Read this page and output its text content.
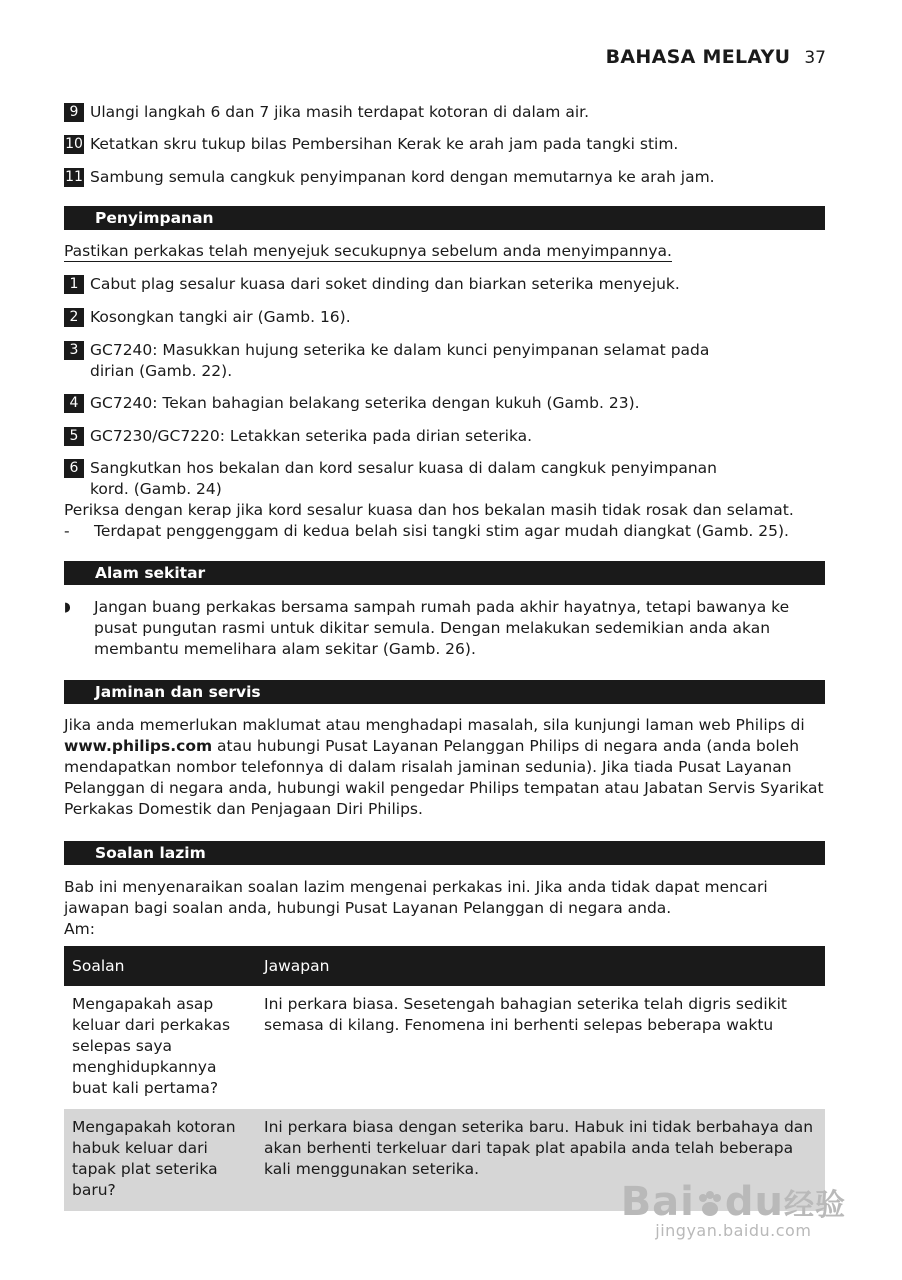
BAHASA MELAYU 37
9 Ulangi langkah 6 dan 7 jika masih terdapat kotoran di dalam air.
10 Ketatkan skru tukup bilas Pembersihan Kerak ke arah jam pada tangki stim.
11 Sambung semula cangkuk penyimpanan kord dengan memutarnya ke arah jam.
Penyimpanan
Pastikan perkakas telah menyejuk secukupnya sebelum anda menyimpannya.
1 Cabut plag sesalur kuasa dari soket dinding dan biarkan seterika menyejuk.
2 Kosongkan tangki air (Gamb. 16).
3 GC7240: Masukkan hujung seterika ke dalam kunci penyimpanan selamat pada dirian (Gamb. 22).
4 GC7240: Tekan bahagian belakang seterika dengan kukuh (Gamb. 23).
5 GC7230/GC7220: Letakkan seterika pada dirian seterika.
6 Sangkutkan hos bekalan dan kord sesalur kuasa di dalam cangkuk penyimpanan kord. (Gamb. 24)
Periksa dengan kerap jika kord sesalur kuasa dan hos bekalan masih tidak rosak dan selamat.
-	Terdapat penggenggam di kedua belah sisi tangki stim agar mudah diangkat (Gamb. 25).
Alam sekitar
◗	Jangan buang perkakas bersama sampah rumah pada akhir hayatnya, tetapi bawanya ke pusat pungutan rasmi untuk dikitar semula. Dengan melakukan sedemikian anda akan membantu memelihara alam sekitar (Gamb. 26).
Jaminan dan servis
Jika anda memerlukan maklumat atau menghadapi masalah, sila kunjungi laman web Philips di www.philips.com atau hubungi Pusat Layanan Pelanggan Philips di negara anda (anda boleh mendapatkan nombor telefonnya di dalam risalah jaminan sedunia). Jika tiada Pusat Layanan Pelanggan di negara anda, hubungi wakil pengedar Philips tempatan atau Jabatan Servis Syarikat Perkakas Domestik dan Penjagaan Diri Philips.
Soalan lazim
Bab ini menyenaraikan soalan lazim mengenai perkakas ini. Jika anda tidak dapat mencari jawapan bagi soalan anda, hubungi Pusat Layanan Pelanggan di negara anda.
Am:
Soalan	Jawapan
Mengapakah asap keluar dari perkakas selepas saya menghidupkannya buat kali pertama?	Ini perkara biasa. Sesetengah bahagian seterika telah digris sedikit semasa di kilang. Fenomena ini berhenti selepas beberapa waktu
Mengapakah kotoran habuk keluar dari tapak plat seterika baru?	Ini perkara biasa dengan seterika baru. Habuk ini tidak berbahaya dan akan berhenti terkeluar dari tapak plat apabila anda telah beberapa kali menggunakan seterika.
Bai du经验
jingyan.baidu.com
